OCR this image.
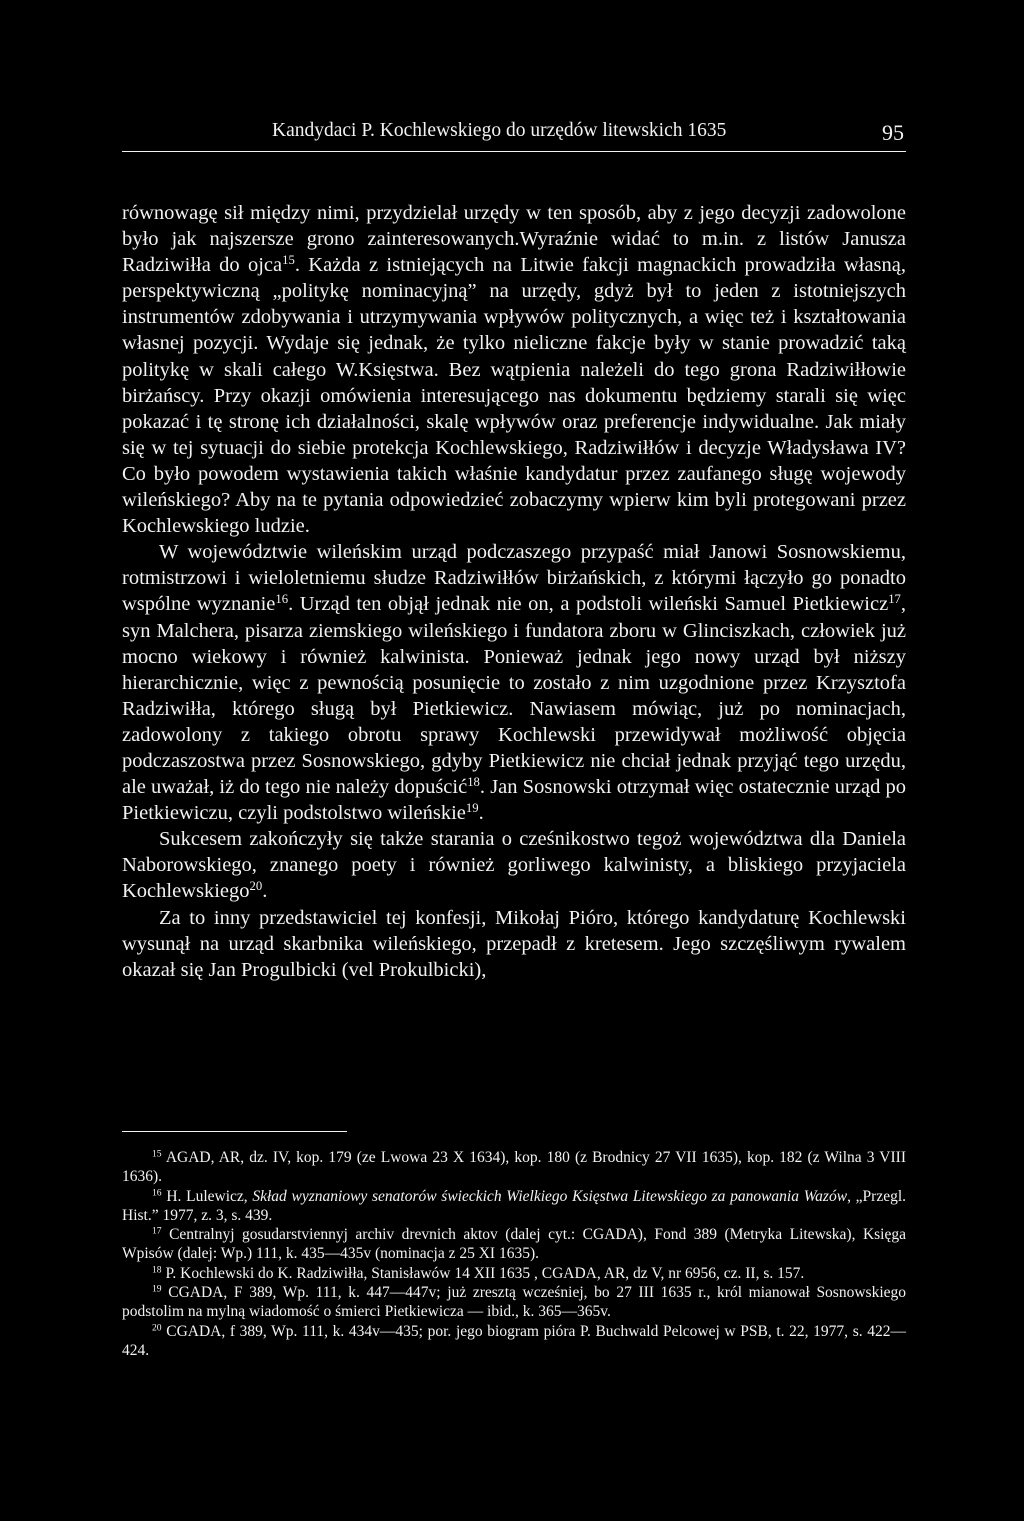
Kandydaci P. Kochlewskiego do urzędów litewskich 1635	95

równowagę sił między nimi, przydzielał urzędy w ten sposób, aby z jego decyzji zadowolone było jak najszersze grono zainteresowanych.Wyraźnie widać to m.in. z listów Janusza Radziwiłła do ojca$^{15}$. Każda z istniejących na Litwie fakcji magnackich prowadziła własną, perspektywiczną „politykę nominacyjną” na urzędy, gdyż był to jeden z istotniejszych instrumentów zdobywania i utrzymywania wpływów politycznych, a więc też i kształtowania własnej pozycji. Wydaje się jednak, że tylko nieliczne fakcje były w stanie prowadzić taką politykę w skali całego W.Księstwa. Bez wątpienia należeli do tego grona Radziwiłłowie birżańscy. Przy okazji omówienia interesującego nas dokumentu będziemy starali się więc pokazać i tę stronę ich działalności, skalę wpływów oraz preferencje indywidualne. Jak miały się w tej sytuacji do siebie protekcja Kochlewskiego, Radziwiłłów i decyzje Władysława IV? Co było powodem wystawienia takich właśnie kandydatur przez zaufanego sługę wojewody wileńskiego? Aby na te pytania odpowiedzieć zobaczymy wpierw kim byli protegowani przez Kochlewskiego ludzie.

W województwie wileńskim urząd podczaszego przypaść miał Janowi Sosnowskiemu, rotmistrzowi i wieloletniemu słudze Radziwiłłów birżańskich, z którymi łączyło go ponadto wspólne wyznanie$^{16}$. Urząd ten objął jednak nie on, a podstoli wileński Samuel Pietkiewicz$^{17}$, syn Malchera, pisarza ziemskiego wileńskiego i fundatora zboru w Glinciszkach, człowiek już mocno wiekowy i również kalwinista. Ponieważ jednak jego nowy urząd był niższy hierarchicznie, więc z pewnością posunięcie to zostało z nim uzgodnione przez Krzysztofa Radziwiłła, którego sługą był Pietkiewicz. Nawiasem mówiąc, już po nominacjach, zadowolony z takiego obrotu sprawy Kochlewski przewidywał możliwość objęcia podczaszostwa przez Sosnowskiego, gdyby Pietkiewicz nie chciał jednak przyjąć tego urzędu, ale uważał, iż do tego nie należy dopuścić$^{18}$. Jan Sosnowski otrzymał więc ostatecznie urząd po Pietkiewiczu, czyli podstolstwo wileńskie$^{19}$.

Sukcesem zakończyły się także starania o cześnikostwo tegoż województwa dla Daniela Naborowskiego, znanego poety i również gorliwego kalwinisty, a bliskiego przyjaciela Kochlewskiego$^{20}$.

Za to inny przedstawiciel tej konfesji, Mikołaj Pióro, którego kandydaturę Kochlewski wysunął na urząd skarbnika wileńskiego, przepadł z kretesem. Jego szczęśliwym rywalem okazał się Jan Progulbicki (vel Prokulbicki),

$^{15}$ AGAD, AR, dz. IV, kop. 179 (ze Lwowa 23 X 1634), kop. 180 (z Brodnicy 27 VII 1635), kop. 182 (z Wilna 3 VIII 1636).

$^{16}$ H. Lulewicz, Skład wyznaniowy senatorów świeckich Wielkiego Księstwa Litewskiego za panowania Wazów, „Przegl. Hist.” 1977, z. 3, s. 439.

$^{17}$ Centralnyj gosudarstviennyj archiv drevnich aktov (dalej cyt.: CGADA), Fond 389 (Metryka Litewska), Księga Wpisów (dalej: Wp.) 111, k. 435—435v (nominacja z 25 XI 1635).

$^{18}$ P. Kochlewski do K. Radziwiłła, Stanisławów 14 XII 1635 , CGADA, AR, dz V, nr 6956, cz. II, s. 157.

$^{19}$ CGADA, F 389, Wp. 111, k. 447—447v; już zresztą wcześniej, bo 27 III 1635 r., król mianował Sosnowskiego podstolim na mylną wiadomość o śmierci Pietkiewicza — ibid., k. 365—365v.

$^{20}$ CGADA, f 389, Wp. 111, k. 434v—435; por. jego biogram pióra P. Buchwald Pelcowej w PSB, t. 22, 1977, s. 422—424.
